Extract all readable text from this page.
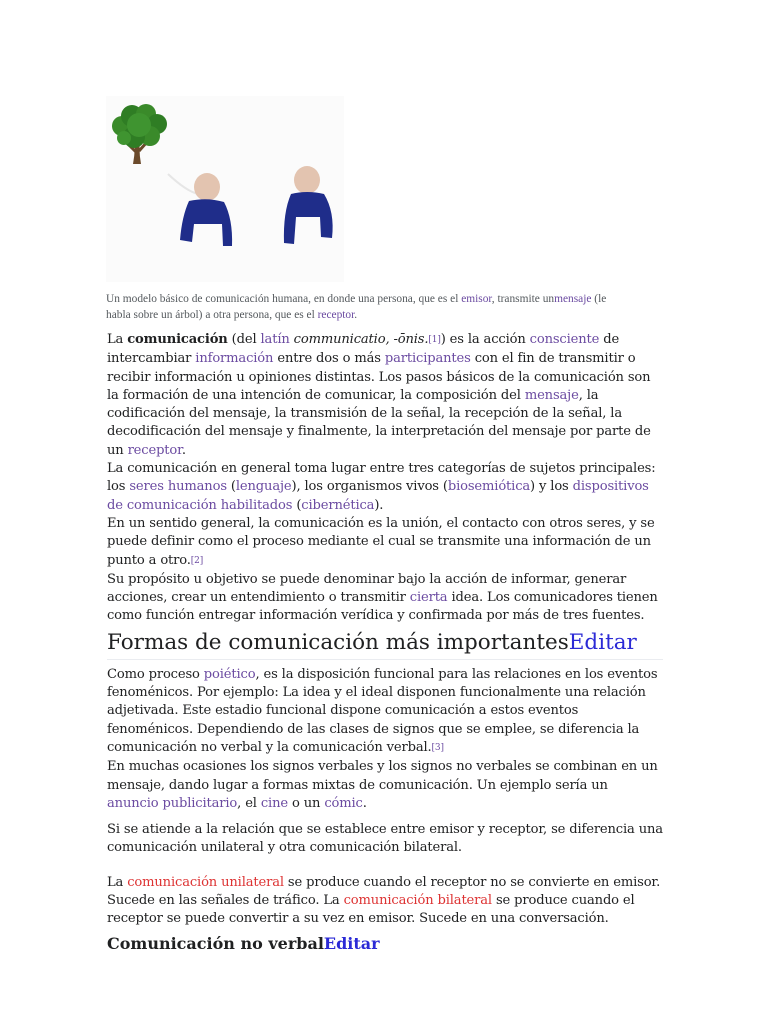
Un modelo básico de comunicación humana, en donde una persona, que es el emisor, transmite unmensaje (le habla sobre un árbol) a otra persona, que es el receptor.

La comunicación (del latín communicatio, -ōnis.[1]) es la acción consciente de intercambiar información entre dos o más participantes con el fin de transmitir o recibir información u opiniones distintas. Los pasos básicos de la comunicación son la formación de una intención de comunicar, la composición del mensaje, la codificación del mensaje, la transmisión de la señal, la recepción de la señal, la decodificación del mensaje y finalmente, la interpretación del mensaje por parte de un receptor.

La comunicación en general toma lugar entre tres categorías de sujetos principales: los seres humanos (lenguaje), los organismos vivos (biosemiótica) y los dispositivos de comunicación habilitados (cibernética).

En un sentido general, la comunicación es la unión, el contacto con otros seres, y se puede definir como el proceso mediante el cual se transmite una información de un punto a otro.[2]

Su propósito u objetivo se puede denominar bajo la acción de informar, generar acciones, crear un entendimiento o transmitir cierta idea. Los comunicadores tienen como función entregar información verídica y confirmada por más de tres fuentes.

Formas de comunicación más importantesEditar

Como proceso poiético, es la disposición funcional para las relaciones en los eventos fenoménicos. Por ejemplo: La idea y el ideal disponen funcionalmente una relación adjetivada. Este estadio funcional dispone comunicación a estos eventos fenoménicos. Dependiendo de las clases de signos que se emplee, se diferencia la comunicación no verbal y la comunicación verbal.[3]

En muchas ocasiones los signos verbales y los signos no verbales se combinan en un mensaje, dando lugar a formas mixtas de comunicación. Un ejemplo sería un anuncio publicitario, el cine o un cómic.

Si se atiende a la relación que se establece entre emisor y receptor, se diferencia una comunicación unilateral y otra comunicación bilateral.

La comunicación unilateral se produce cuando el receptor no se convierte en emisor. Sucede en las señales de tráfico. La comunicación bilateral se produce cuando el receptor se puede convertir a su vez en emisor. Sucede en una conversación.

Comunicación no verbalEditar
